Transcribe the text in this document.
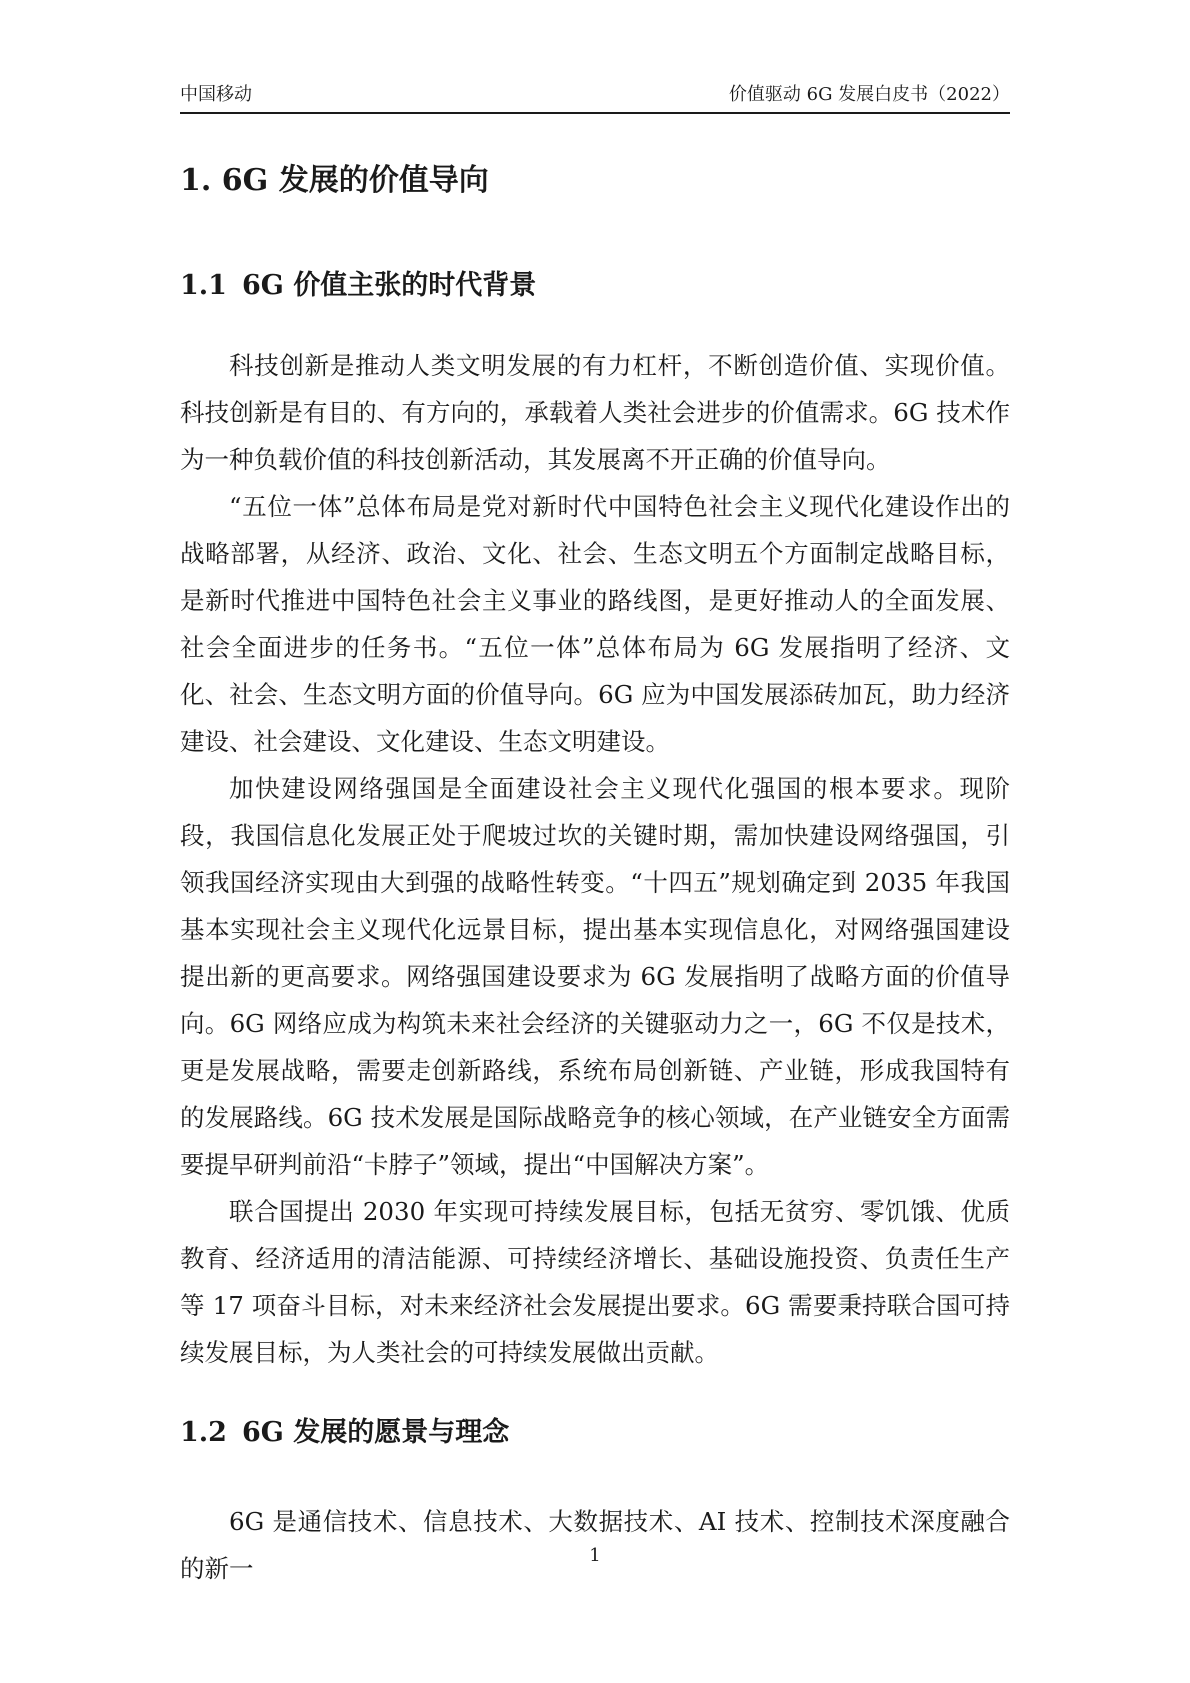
中国移动	价值驱动 6G 发展白皮书（2022）
1. 6G 发展的价值导向
1.1 6G 价值主张的时代背景

科技创新是推动人类文明发展的有力杠杆，不断创造价值、实现价值。科技创新是有目的、有方向的，承载着人类社会进步的价值需求。6G 技术作为一种负载价值的科技创新活动，其发展离不开正确的价值导向。

“五位一体”总体布局是党对新时代中国特色社会主义现代化建设作出的战略部署，从经济、政治、文化、社会、生态文明五个方面制定战略目标，是新时代推进中国特色社会主义事业的路线图，是更好推动人的全面发展、社会全面进步的任务书。“五位一体”总体布局为 6G 发展指明了经济、文化、社会、生态文明方面的价值导向。6G 应为中国发展添砖加瓦，助力经济建设、社会建设、文化建设、生态文明建设。

加快建设网络强国是全面建设社会主义现代化强国的根本要求。现阶段，我国信息化发展正处于爬坡过坎的关键时期，需加快建设网络强国，引领我国经济实现由大到强的战略性转变。“十四五”规划确定到 2035 年我国基本实现社会主义现代化远景目标，提出基本实现信息化，对网络强国建设提出新的更高要求。网络强国建设要求为 6G 发展指明了战略方面的价值导向。6G 网络应成为构筑未来社会经济的关键驱动力之一，6G 不仅是技术，更是发展战略，需要走创新路线，系统布局创新链、产业链，形成我国特有的发展路线。6G 技术发展是国际战略竞争的核心领域，在产业链安全方面需要提早研判前沿“卡脖子”领域，提出“中国解决方案”。

联合国提出 2030 年实现可持续发展目标，包括无贫穷、零饥饿、优质教育、经济适用的清洁能源、可持续经济增长、基础设施投资、负责任生产等 17 项奋斗目标，对未来经济社会发展提出要求。6G 需要秉持联合国可持续发展目标，为人类社会的可持续发展做出贡献。

1.2 6G 发展的愿景与理念

6G 是通信技术、信息技术、大数据技术、AI 技术、控制技术深度融合的新一	1
